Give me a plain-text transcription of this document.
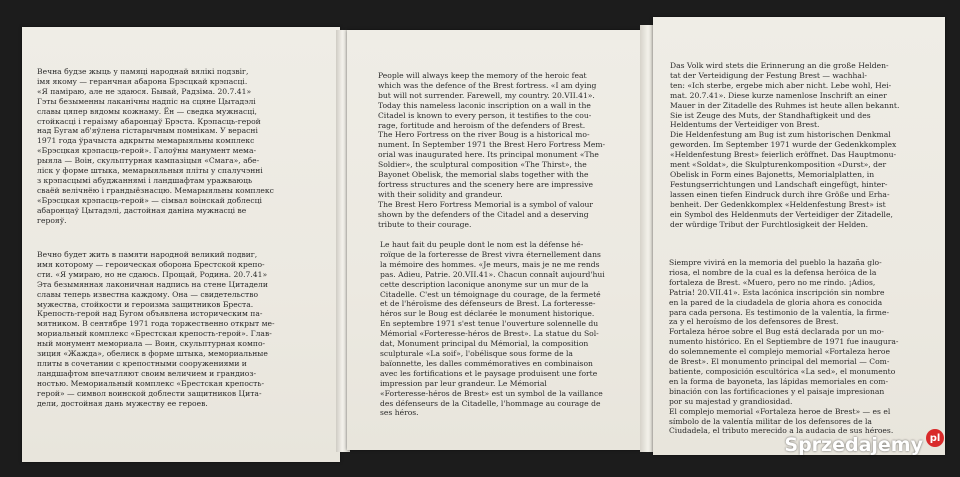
Вечна будзе жыць у памяці народнай вялікі подзвіг,
імя якому — геранчная абарона Брэсцкай крэпасці.
«Я паміраю, але не здаюся. Бывай, Радзіма. 20.7.41»
Гэты безыменны лаканічны надпіс на сцяне Цытадэлі
славы цяпер вядомы кожнаму. Ён — сведка мужнасці,
стойкасці і гераізму абаронцаў Брэста. Крэпасць-герой
над Бугам аб'яўлена гістарычным помнікам. У верасні
1971 года ўрачыста адкрыты мемарыяльны комплекс
«Брэсцкая крэпасць-герой». Галоўны манумент мема-
рыяла — Воін, скульптурная кампазіцыя «Смага», абе-
ліск у форме штыка, мемарыяльныя пліты у спалучэнні
з крэпасцымі абуджаннямі і ландшафтам уражваюць
сваёй велічнёю і грандыёзнасцю. Мемарыяльны комплекс
«Брэсцкая крэпасць-герой» — сімвал воінскай доблесці
абаронцаў Цытадэлі, дастойная даніна мужнасці ве
герояў.

Вечно будет жить в памяти народной великий подвиг,
имя которому — героическая оборона Брестской крепо-
сти. «Я умираю, но не сдаюсь. Прощай, Родина. 20.7.41»
Эта безымянная лаконичная надпись на стене Цитадели
славы теперь известна каждому. Она — свидетельство
мужества, стойкости и героизма защитников Бреста.
Крепость-герой над Бугом объявлена историческим па-
мятником. В сентябре 1971 года торжественно открыт ме-
мориальный комплекс «Брестская крепость-герой». Глав-
ный монумент мемориала — Воин, скульптурная компо-
зиция «Жажда», обелиск в форме штыка, мемориальные
плиты в сочетании с крепостными сооружениями и
ландшафтом впечатляют своим величием и грандиоз-
ностью. Мемориальный комплекс «Брестская крепость-
герой» — символ воинской доблести защитников Цита-
дели, достойная дань мужеству ее героев.

People will always keep the memory of the heroic feat
which was the defence of the Brest fortress. «I am dying
but will not surrender. Farewell, my country. 20.VII.41».
Today this nameless laconic inscription on a wall in the
Citadel is known to every person, it testifies to the cou-
rage, fortitude and heroism of the defenders of Brest.
The Hero Fortress on the river Boug is a historical mo-
nument. In September 1971 the Brest Hero Fortress Mem-
orial was inaugurated here. Its principal monument «The
Soldier», the sculptural composition «The Thirst», the
Bayonet Obelisk, the memorial slabs together with the
fortress structures and the scenery here are impressive
with their solidity and grandeur.
The Brest Hero Fortress Memorial is a symbol of valour
shown by the defenders of the Citadel and a deserving
tribute to their courage.

Le haut fait du peuple dont le nom est la défense hé-
roïque de la forteresse de Brest vivra éternellement dans
la mémoire des hommes. «Je meurs, mais je ne me rends
pas. Adieu, Patrie. 20.VII.41». Chacun connaît aujourd'hui
cette description laconique anonyme sur un mur de la
Citadelle. C'est un témoignage du courage, de la fermeté
et de l'héroïsme des défenseurs de Brest. La forteresse-
héros sur le Boug est déclarée le monument historique.
En septembre 1971 s'est tenue l'ouverture solennelle du
Mémorial «Forteresse-héros de Brest». La statue du Sol-
dat, Monument principal du Mémorial, la composition
sculpturale «La soif», l'obélisque sous forme de la
baïonnette, les dalles commémoratives en combinaison
avec les fortifications et le paysage produisent une forte
impression par leur grandeur. Le Mémorial
«Forteresse-héros de Brest» est un symbol de la vaillance
des défenseurs de la Citadelle, l'hommage au courage de
ses héros.

Das Volk wird stets die Erinnerung an die große Helden-
tat der Verteidigung der Festung Brest — wachhal-
ten: «Ich sterbe, ergebe mich aber nicht. Lebe wohl, Hei-
mat. 20.7.41». Diese kurze namenlose Inschrift an einer
Mauer in der Zitadelle des Ruhmes ist heute allen bekannt.
Sie ist Zeuge des Muts, der Standhaftigkeit und des
Heldentums der Verteidiger von Brest.
Die Heldenfestung am Bug ist zum historischen Denkmal
geworden. Im September 1971 wurde der Gedenkkomplex
«Heldenfestung Brest» feierlich eröffnet. Das Hauptmonu-
ment «Soldat», die Skulpturenkomposition «Durst», der
Obelisk in Form eines Bajonetts, Memorialplatten, in
Festungserrichtungen und Landschaft eingefügt, hinter-
lassen einen tiefen Eindruck durch ihre Größe und Erha-
benheit. Der Gedenkkomplex «Heldenfestung Brest» ist
ein Symbol des Heldenmuts der Verteidiger der Zitadelle,
der würdige Tribut der Furchtlosigkeit der Helden.

Siempre vivirá en la memoria del pueblo la hazaña glo-
riosa, el nombre de la cual es la defensa heróica de la
fortaleza de Brest. «Muero, pero no me rindo. ¡Adios,
Patria! 20.VII.41». Esta lacónica inscripción sin nombre
en la pared de la ciudadela de gloria ahora es conocida
para cada persona. Es testimonio de la valentía, la firme-
za y el heroísmo de los defensores de Brest.
Fortaleza héroe sobre el Bug está declarada por un mo-
numento histórico. En el Septiembre de 1971 fue inaugura-
do solemnemente el complejo memorial «Fortaleza heroe
de Brest». El monumento principal del memorial — Com-
batiente, composición escultórica «La sed», el monumento
en la forma de bayoneta, las lápidas memoriales en com-
binación con las fortificaciones y el paisaje impresionan
por su majestad y grandiosidad.
El complejo memorial «Fortaleza heroe de Brest» — es el
símbolo de la valentía militar de los defensores de la
Ciudadela, el tributo merecido a la audacia de sus héroes.

Sprzedajemy pl
